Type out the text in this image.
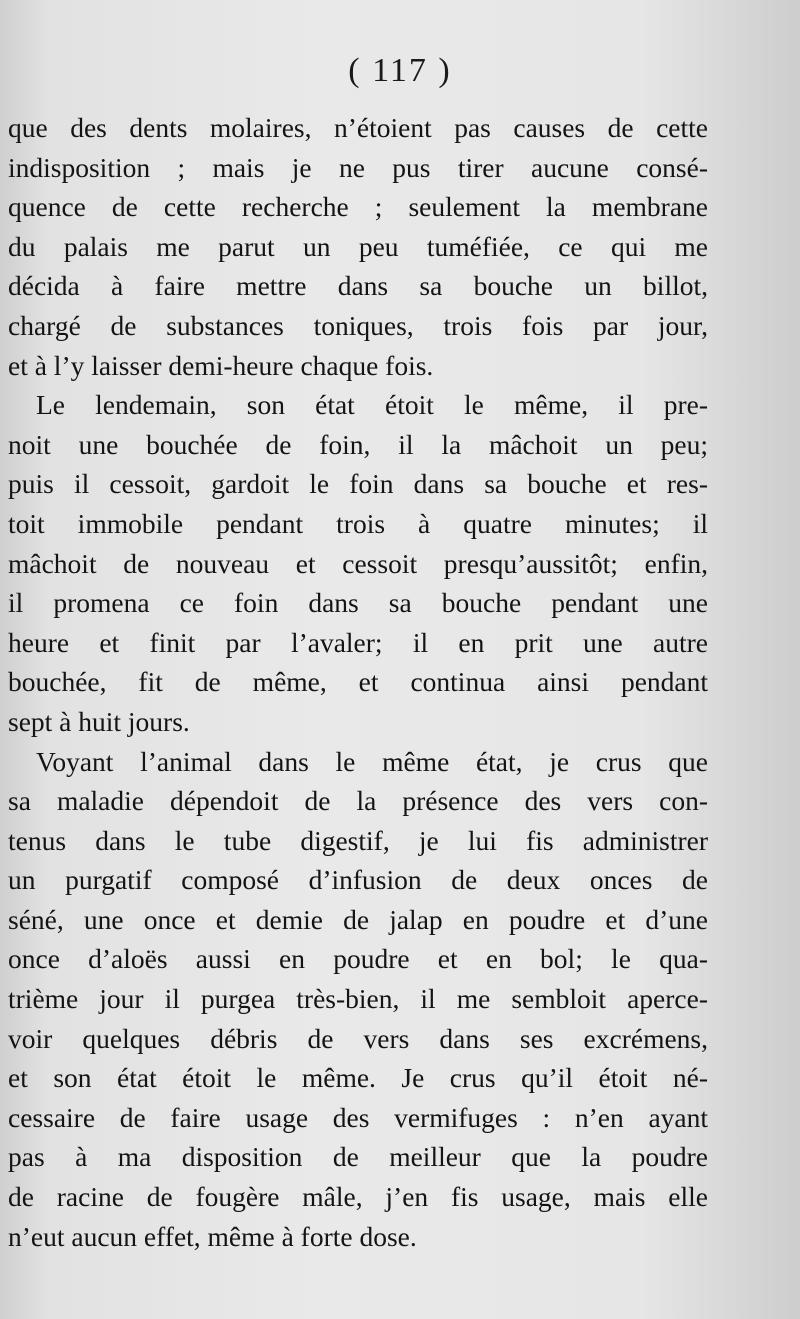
( 117 )
que des dents molaires, n’étoient pas causes de cette
indisposition ; mais je ne pus tirer aucune consé-
quence de cette recherche ; seulement la membrane
du palais me parut un peu tuméfiée, ce qui me
décida à faire mettre dans sa bouche un billot,
chargé de substances toniques, trois fois par jour,
et à l’y laisser demi-heure chaque fois.
Le lendemain, son état étoit le même, il pre-
noit une bouchée de foin, il la mâchoit un peu;
puis il cessoit, gardoit le foin dans sa bouche et res-
toit immobile pendant trois à quatre minutes; il
mâchoit de nouveau et cessoit presqu’aussitôt; enfin,
il promena ce foin dans sa bouche pendant une
heure et finit par l’avaler; il en prit une autre
bouchée, fit de même, et continua ainsi pendant
sept à huit jours.
Voyant l’animal dans le même état, je crus que
sa maladie dépendoit de la présence des vers con-
tenus dans le tube digestif, je lui fis administrer
un purgatif composé d’infusion de deux onces de
séné, une once et demie de jalap en poudre et d’une
once d’aloës aussi en poudre et en bol; le qua-
trième jour il purgea très-bien, il me sembloit aperce-
voir quelques débris de vers dans ses excrémens,
et son état étoit le même. Je crus qu’il étoit né-
cessaire de faire usage des vermifuges : n’en ayant
pas à ma disposition de meilleur que la poudre
de racine de fougère mâle, j’en fis usage, mais elle
n’eut aucun effet, même à forte dose.
